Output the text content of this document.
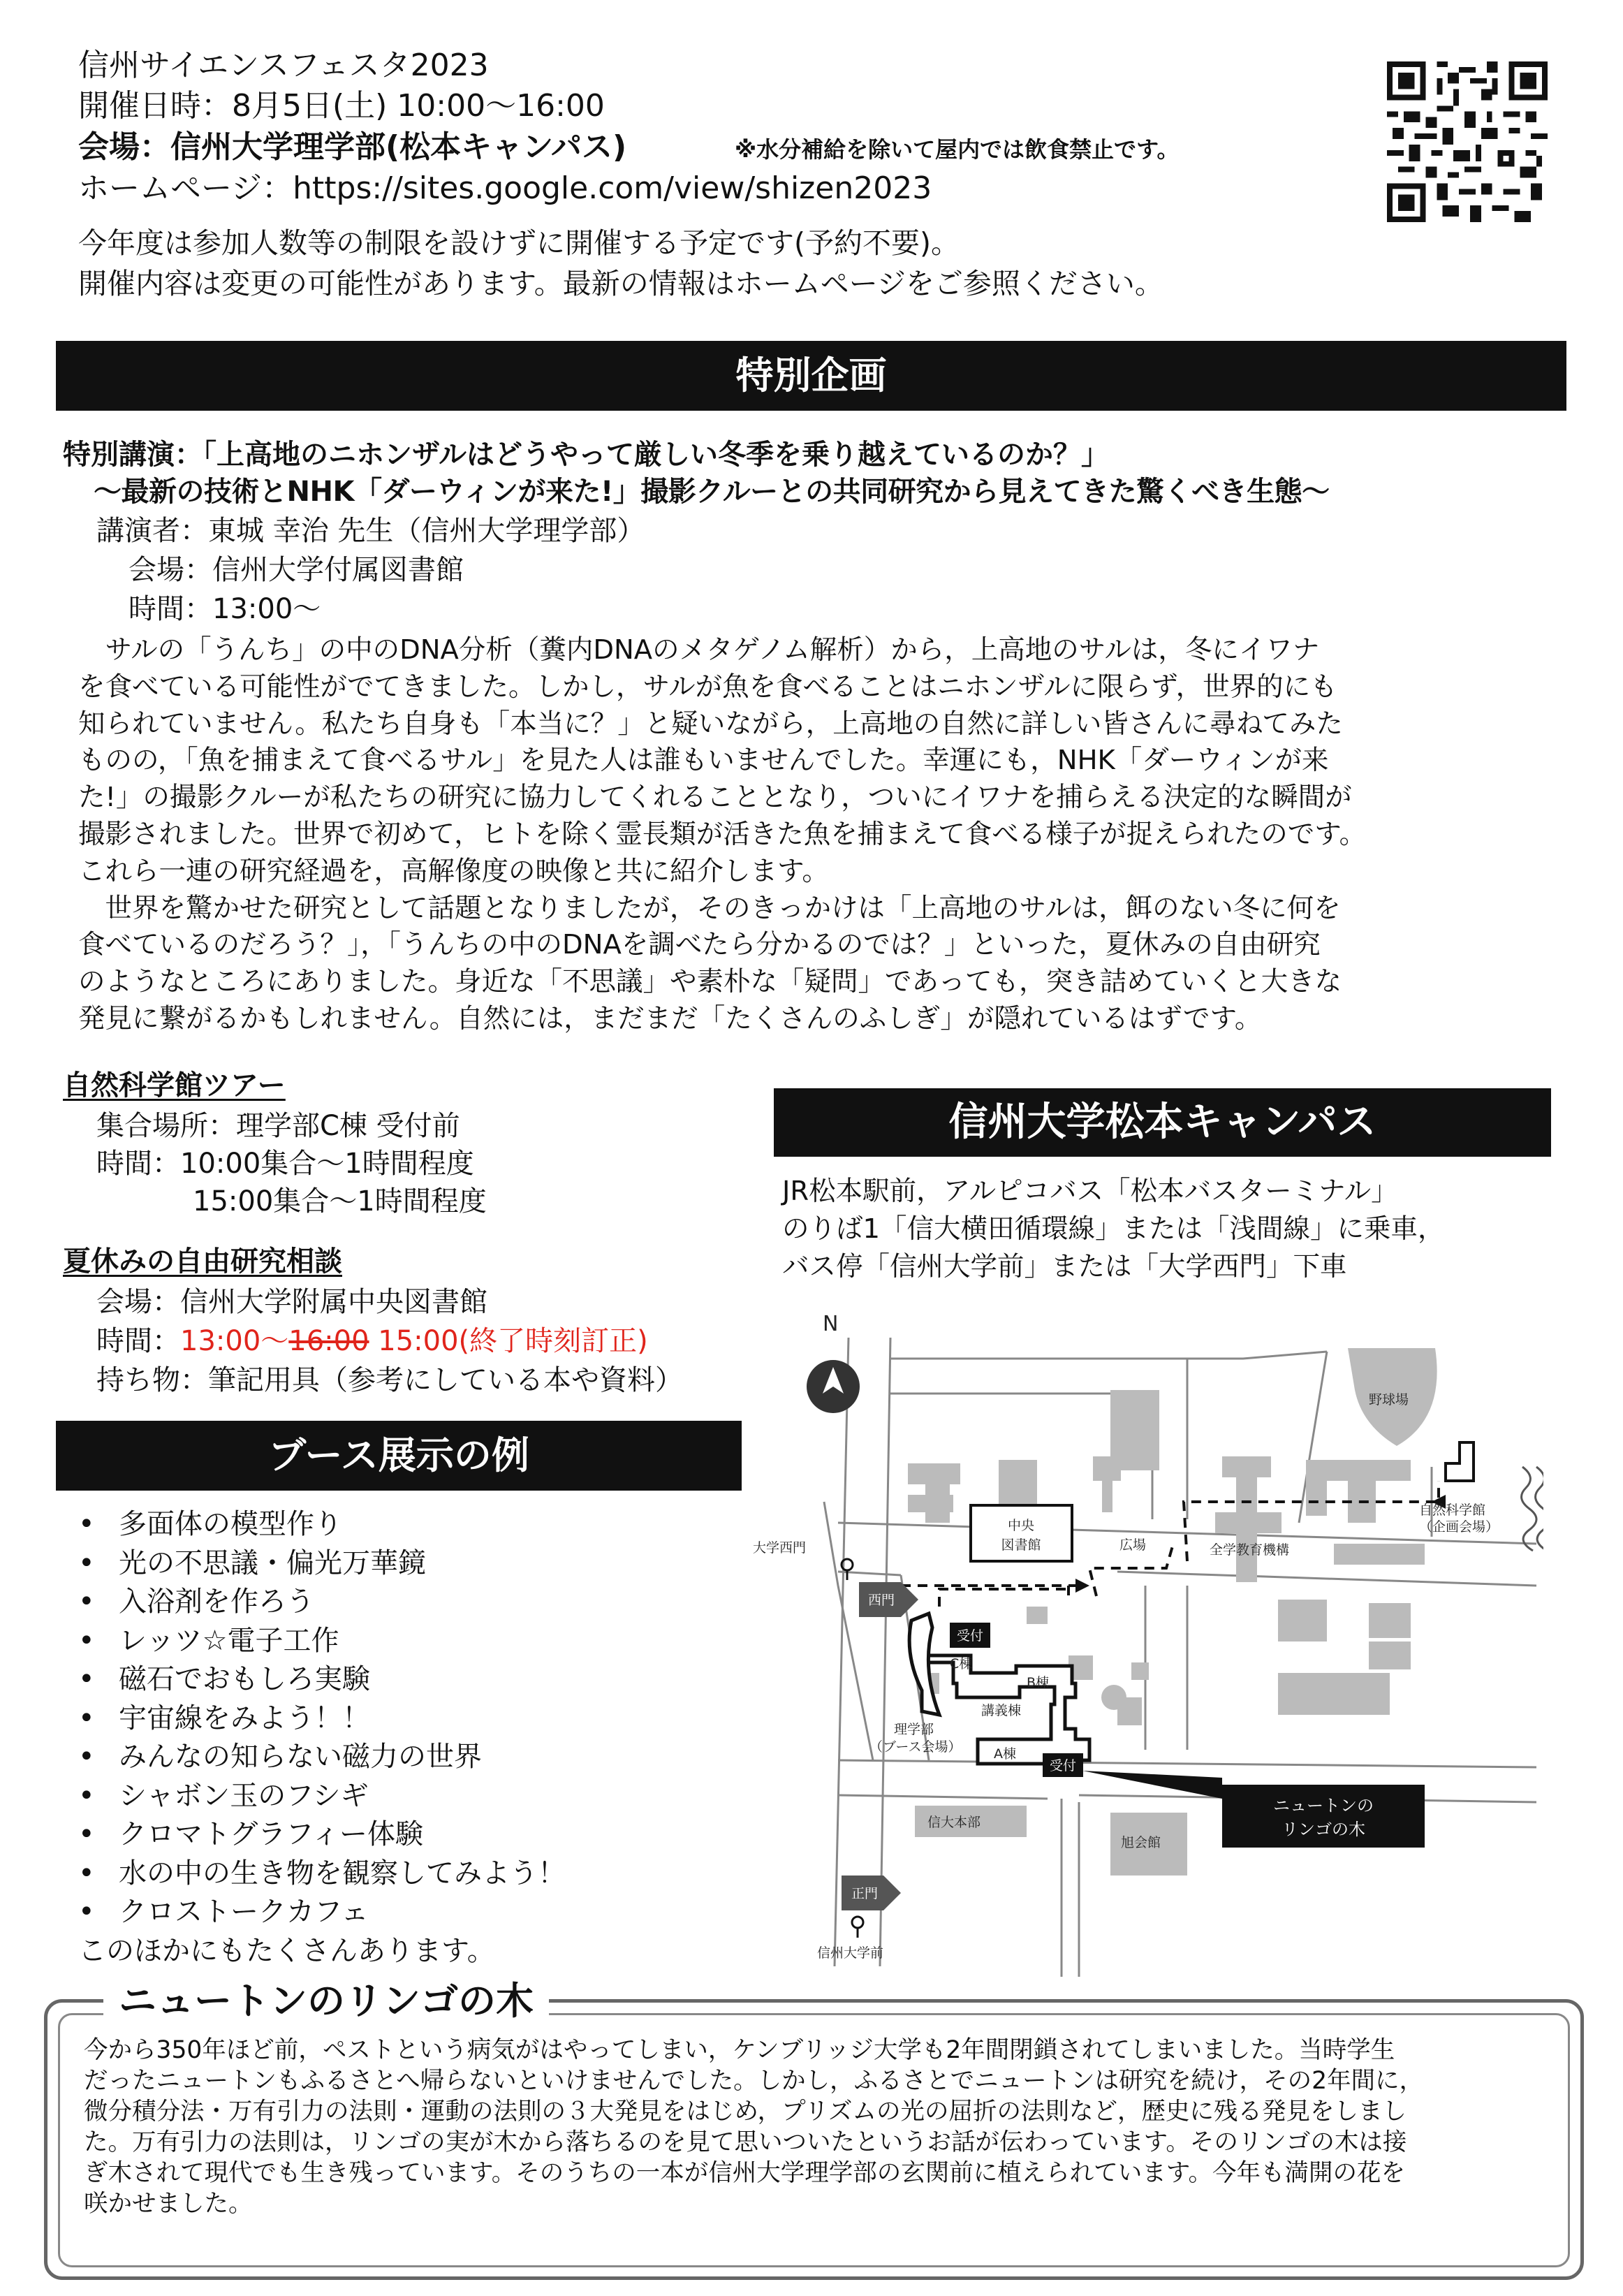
信州サイエンスフェスタ2023
開催日時：8月5日(土) 10:00〜16:00
会場：信州大学理学部(松本キャンパス)	※水分補給を除いて屋内では飲食禁止です。
ホームページ：https://sites.google.com/view/shizen2023
今年度は参加人数等の制限を設けずに開催する予定です(予約不要)。
開催内容は変更の可能性があります。最新の情報はホームページをご参照ください。
特別企画
特別講演：「上高地のニホンザルはどうやって厳しい冬季を乗り越えているのか？」
〜最新の技術とNHK「ダーウィンが来た!」撮影クルーとの共同研究から見えてきた驚くべき生態〜
講演者：東城 幸治 先生（信州大学理学部）
会場：信州大学付属図書館
時間：13:00〜
　サルの「うんち」の中のDNA分析（糞内DNAのメタゲノム解析）から，上高地のサルは，冬にイワナ
を食べている可能性がでてきました。しかし，サルが魚を食べることはニホンザルに限らず，世界的にも
知られていません。私たち自身も「本当に？」と疑いながら，上高地の自然に詳しい皆さんに尋ねてみた
ものの，「魚を捕まえて食べるサル」を見た人は誰もいませんでした。幸運にも，NHK「ダーウィンが来
た!」の撮影クルーが私たちの研究に協力してくれることとなり，ついにイワナを捕らえる決定的な瞬間が
撮影されました。世界で初めて，ヒトを除く霊長類が活きた魚を捕まえて食べる様子が捉えられたのです。
これら一連の研究経過を，高解像度の映像と共に紹介します。
　世界を驚かせた研究として話題となりましたが，そのきっかけは「上高地のサルは，餌のない冬に何を
食べているのだろう？」，「うんちの中のDNAを調べたら分かるのでは？」といった，夏休みの自由研究
のようなところにありました。身近な「不思議」や素朴な「疑問」であっても，突き詰めていくと大きな
発見に繋がるかもしれません。自然には，まだまだ「たくさんのふしぎ」が隠れているはずです。
自然科学館ツアー
集合場所：理学部C棟 受付前
時間：10:00集合〜1時間程度
15:00集合〜1時間程度
夏休みの自由研究相談
会場：信州大学附属中央図書館
時間：13:00〜16:00 15:00(終了時刻訂正)
持ち物：筆記用具（参考にしている本や資料）
ブース展示の例
• 多面体の模型作り
• 光の不思議・偏光万華鏡
• 入浴剤を作ろう
• レッツ☆電子工作
• 磁石でおもしろ実験
• 宇宙線をみよう！！
• みんなの知らない磁力の世界
• シャボン玉のフシギ
• クロマトグラフィー体験
• 水の中の生き物を観察してみよう！
• クロストークカフェ
このほかにもたくさんあります。
信州大学松本キャンパス
JR松本駅前，アルピコバス「松本バスターミナル」
のりば1「信大横田循環線」または「浅間線」に乗車，
バス停「信州大学前」または「大学西門」下車
受付
受付
ニュートンの
リンゴの木
西門
正門
N
野球場
中央
図書館	広場	全学教育機構
自然科学館
（企画会場）
大学西門
C棟
B棟
講義棟
理学部
（ブース会場） A棟
信大本部
旭会館
信州大学前
ニュートンのリンゴの木
今から350年ほど前，ペストという病気がはやってしまい，ケンブリッジ大学も2年間閉鎖されてしまいました。当時学生
だったニュートンもふるさとへ帰らないといけませんでした。しかし，ふるさとでニュートンは研究を続け，その2年間に，
微分積分法・万有引力の法則・運動の法則の３大発見をはじめ，プリズムの光の屈折の法則など，歴史に残る発見をしまし
た。万有引力の法則は，リンゴの実が木から落ちるのを見て思いついたというお話が伝わっています。そのリンゴの木は接
ぎ木されて現代でも生き残っています。そのうちの一本が信州大学理学部の玄関前に植えられています。今年も満開の花を
咲かせました。
